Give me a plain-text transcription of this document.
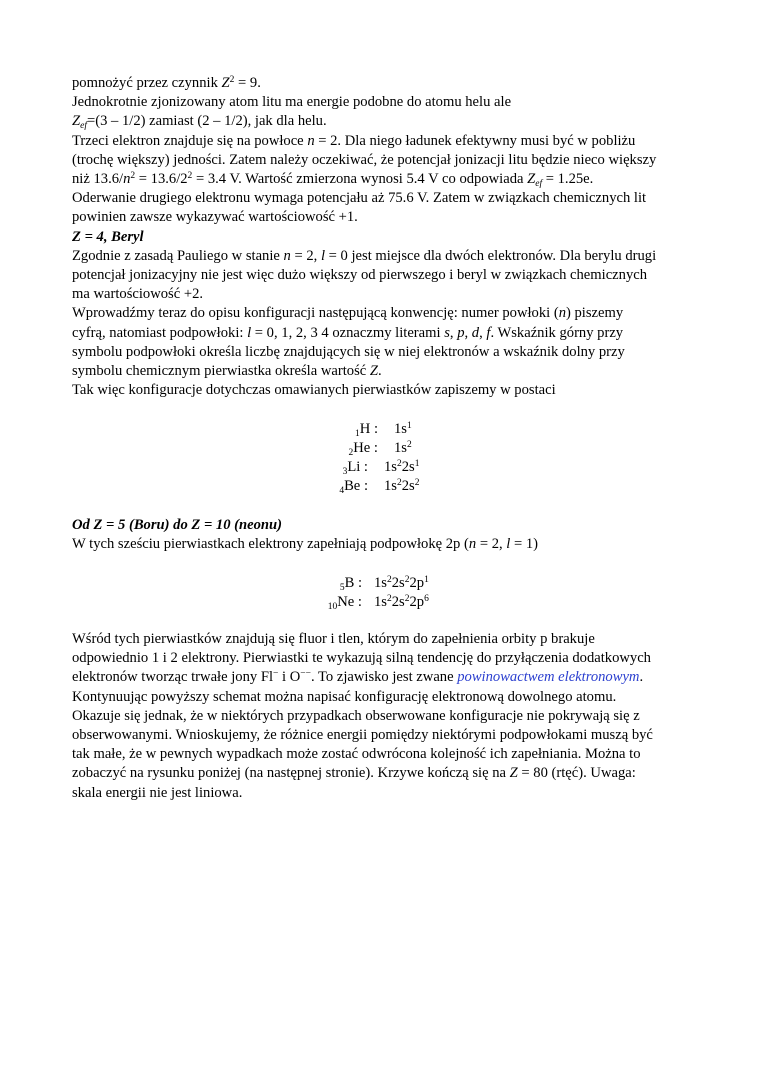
pomnożyć przez czynnik $Z^2 = 9$.

Jednokrotnie zjonizowany atom litu ma energie podobne do atomu helu ale

$Z_{ef}=(3 - 1/2)$ zamiast (2 – 1/2), jak dla helu.

Trzeci elektron znajduje się na powłoce n = 2. Dla niego ładunek efektywny musi być w pobliżu

(trochę większy) jedności. Zatem należy oczekiwać, że potencjał jonizacji litu będzie nieco większy

niż $13.6/n^2 = 13.6/2^2 = 3.4$ V. Wartość zmierzona wynosi 5.4 V co odpowiada $Z_{ef} = 1.25e$.

Oderwanie drugiego elektronu wymaga potencjału aż 75.6 V. Zatem w związkach chemicznych lit

powinien zawsze wykazywać wartościowość +1.

Z = 4, Beryl

Zgodnie z zasadą Pauliego w stanie n = 2, l = 0 jest miejsce dla dwóch elektronów. Dla berylu drugi

potencjał jonizacyjny nie jest więc dużo większy od pierwszego i beryl w związkach chemicznych

ma wartościowość +2.

Wprowadźmy teraz do opisu konfiguracji następującą konwencję: numer powłoki (n) piszemy

cyfrą, natomiast podpowłoki: l = 0, 1, 2, 3 4 oznaczmy literami s, p, d, f. Wskaźnik górny przy

symbolu podpowłoki określa liczbę znajdujących się w niej elektronów a wskaźnik dolny przy

symbolu chemicznym pierwiastka określa wartość Z.

Tak więc konfiguracje dotychczas omawianych pierwiastków zapiszemy w postaci

$_1$H : $1s^1$
$_2$He : $1s^2$
$_3$Li : $1s^22s^1$
$_4$Be : $1s^22s^2$

Od Z = 5 (Boru) do Z = 10 (neonu)

W tych sześciu pierwiastkach elektrony zapełniają podpowłokę 2p (n = 2, l = 1)

$_5$B : $1s^22s^22p^1$
$_{10}$Ne : $1s^22s^22p^6$

Wśród tych pierwiastków znajdują się fluor i tlen, którym do zapełnienia orbity p brakuje

odpowiednio 1 i 2 elektrony. Pierwiastki te wykazują silną tendencję do przyłączenia dodatkowych

elektronów tworząc trwałe jony Fl− i O−−. To zjawisko jest zwane powinowactwem elektronowym.

Kontynuując powyższy schemat można napisać konfigurację elektronową dowolnego atomu.

Okazuje się jednak, że w niektórych przypadkach obserwowane konfiguracje nie pokrywają się z

obserwowanymi. Wnioskujemy, że różnice energii pomiędzy niektórymi podpowłokami muszą być

tak małe, że w pewnych wypadkach może zostać odwrócona kolejność ich zapełniania. Można to

zobaczyć na rysunku poniżej (na następnej stronie). Krzywe kończą się na Z = 80 (rtęć). Uwaga:

skala energii nie jest liniowa.
